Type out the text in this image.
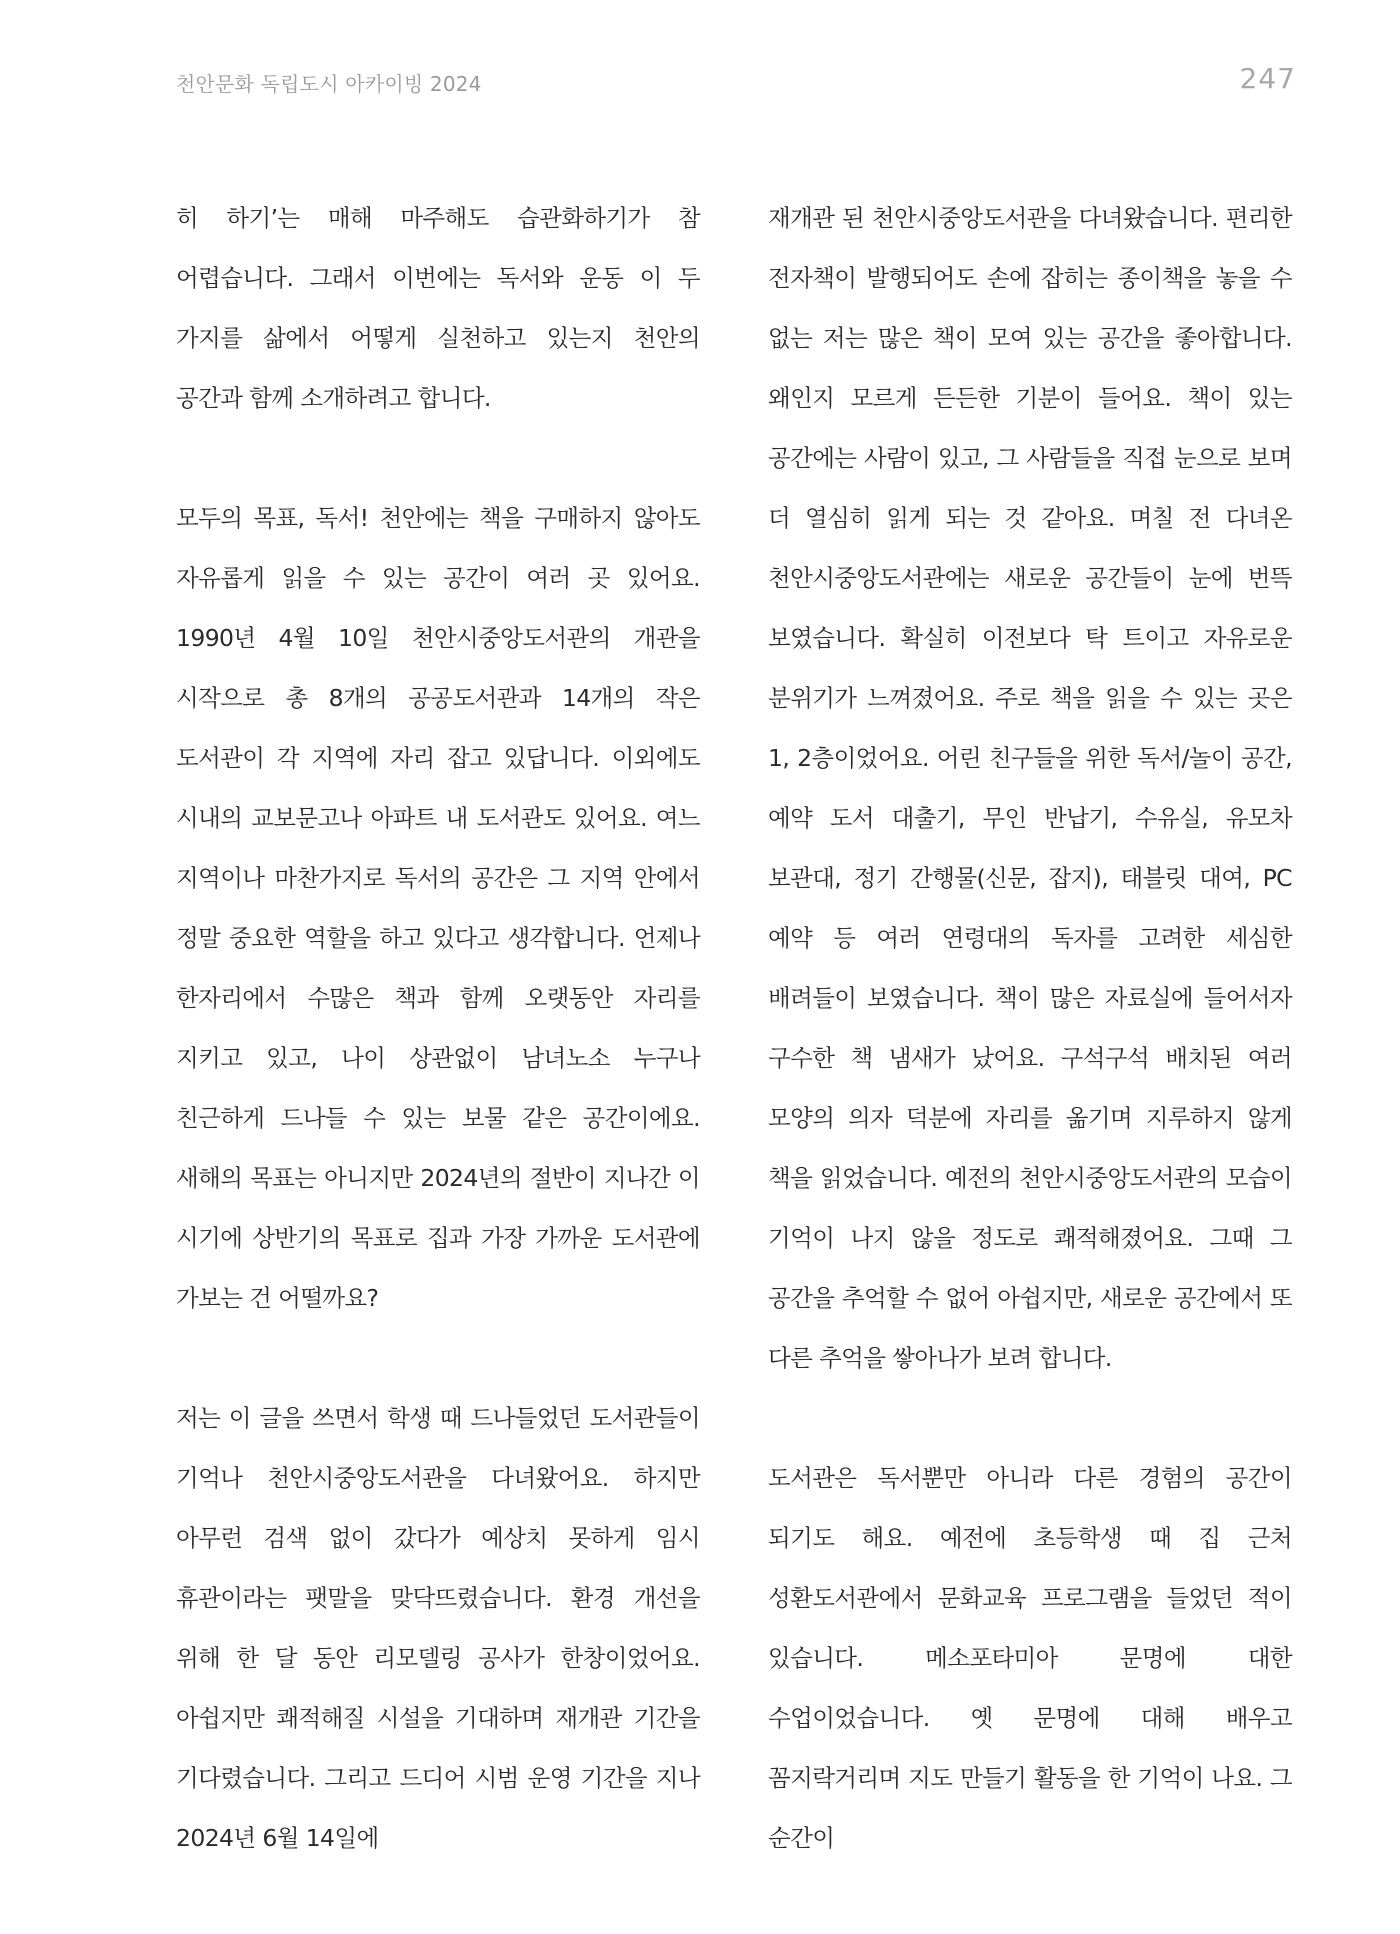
천안문화 독립도시 아카이빙 2024	247

히 하기’는 매해 마주해도 습관화하기가 참 어렵습니다. 그래서 이번에는 독서와 운동 이 두 가지를 삶에서 어떻게 실천하고 있는지 천안의 공간과 함께 소개하려고 합니다.

모두의 목표, 독서! 천안에는 책을 구매하지 않아도 자유롭게 읽을 수 있는 공간이 여러 곳 있어요. 1990년 4월 10일 천안시중앙도서관의 개관을 시작으로 총 8개의 공공도서관과 14개의 작은 도서관이 각 지역에 자리 잡고 있답니다. 이외에도 시내의 교보문고나 아파트 내 도서관도 있어요. 여느 지역이나 마찬가지로 독서의 공간은 그 지역 안에서 정말 중요한 역할을 하고 있다고 생각합니다. 언제나 한자리에서 수많은 책과 함께 오랫동안 자리를 지키고 있고, 나이 상관없이 남녀노소 누구나 친근하게 드나들 수 있는 보물 같은 공간이에요. 새해의 목표는 아니지만 2024년의 절반이 지나간 이 시기에 상반기의 목표로 집과 가장 가까운 도서관에 가보는 건 어떨까요?

저는 이 글을 쓰면서 학생 때 드나들었던 도서관들이 기억나 천안시중앙도서관을 다녀왔어요. 하지만 아무런 검색 없이 갔다가 예상치 못하게 임시 휴관이라는 팻말을 맞닥뜨렸습니다. 환경 개선을 위해 한 달 동안 리모델링 공사가 한창이었어요. 아쉽지만 쾌적해질 시설을 기대하며 재개관 기간을 기다렸습니다. 그리고 드디어 시범 운영 기간을 지나 2024년 6월 14일에

재개관 된 천안시중앙도서관을 다녀왔습니다. 편리한 전자책이 발행되어도 손에 잡히는 종이책을 놓을 수 없는 저는 많은 책이 모여 있는 공간을 좋아합니다. 왜인지 모르게 든든한 기분이 들어요. 책이 있는 공간에는 사람이 있고, 그 사람들을 직접 눈으로 보며 더 열심히 읽게 되는 것 같아요. 며칠 전 다녀온 천안시중앙도서관에는 새로운 공간들이 눈에 번뜩 보였습니다. 확실히 이전보다 탁 트이고 자유로운 분위기가 느껴졌어요. 주로 책을 읽을 수 있는 곳은 1, 2층이었어요. 어린 친구들을 위한 독서/놀이 공간, 예약 도서 대출기, 무인 반납기, 수유실, 유모차 보관대, 정기 간행물(신문, 잡지), 태블릿 대여, PC 예약 등 여러 연령대의 독자를 고려한 세심한 배려들이 보였습니다. 책이 많은 자료실에 들어서자 구수한 책 냄새가 났어요. 구석구석 배치된 여러 모양의 의자 덕분에 자리를 옮기며 지루하지 않게 책을 읽었습니다. 예전의 천안시중앙도서관의 모습이 기억이 나지 않을 정도로 쾌적해졌어요. 그때 그 공간을 추억할 수 없어 아쉽지만, 새로운 공간에서 또 다른 추억을 쌓아나가 보려 합니다.

도서관은 독서뿐만 아니라 다른 경험의 공간이 되기도 해요. 예전에 초등학생 때 집 근처 성환도서관에서 문화교육 프로그램을 들었던 적이 있습니다. 메소포타미아 문명에 대한 수업이었습니다. 옛 문명에 대해 배우고 꼼지락거리며 지도 만들기 활동을 한 기억이 나요. 그 순간이
